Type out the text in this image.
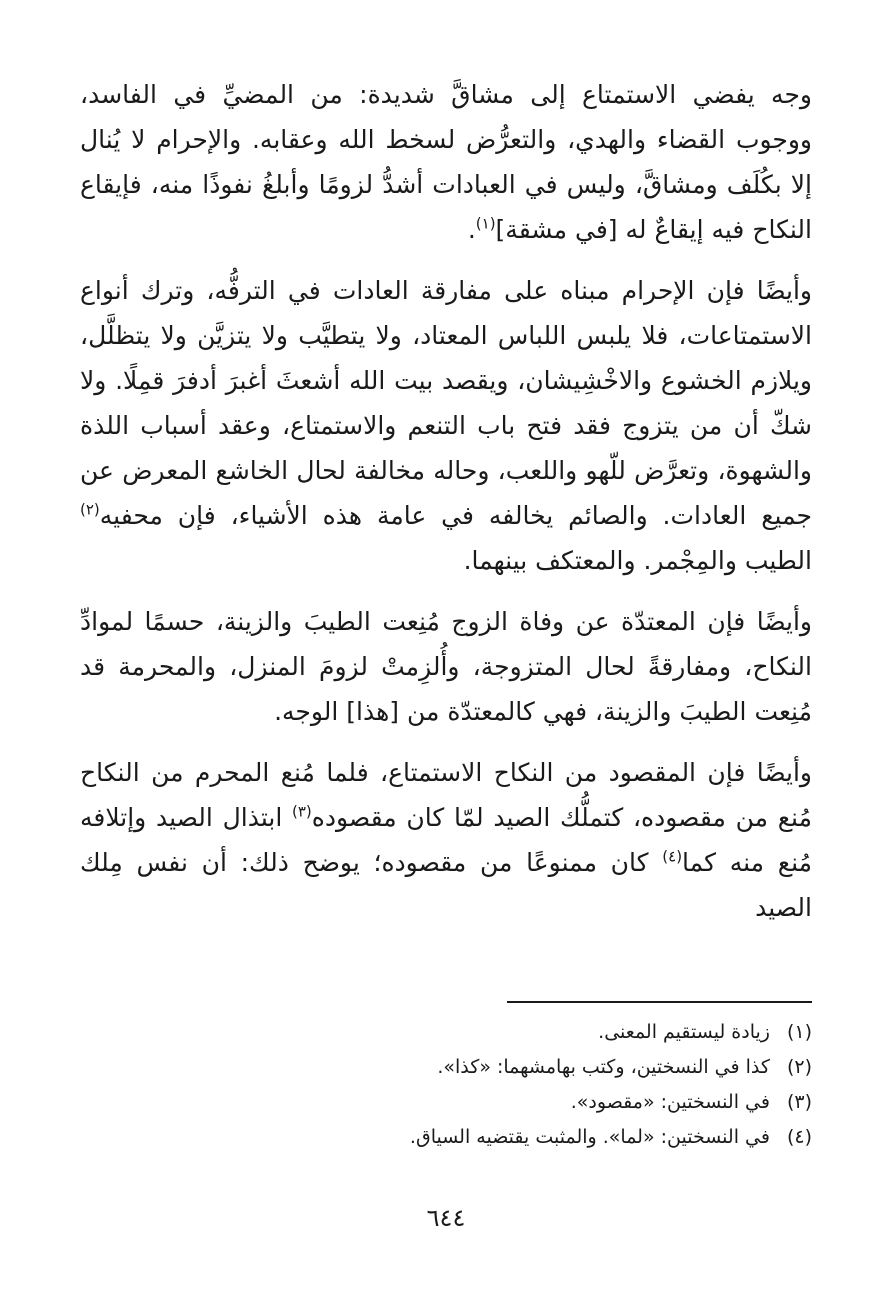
وجه يفضي الاستمتاع إلى مشاقَّ شديدة: من المضيِّ في الفاسد، ووجوب القضاء والهدي، والتعرُّض لسخط الله وعقابه. والإحرام لا يُنال إلا بكُلَف ومشاقَّ، وليس في العبادات أشدُّ لزومًا وأبلغُ نفوذًا منه، فإيقاع النكاح فيه إيقاعٌ له [في مشقة]$^{(١)}$.

وأيضًا فإن الإحرام مبناه على مفارقة العادات في الترفُّه، وترك أنواع الاستمتاعات، فلا يلبس اللباس المعتاد، ولا يتطيَّب ولا يتزيَّن ولا يتظلَّل، ويلازم الخشوع والاخْشِيشان، ويقصد بيت الله أشعثَ أغبرَ أدفرَ قمِلًا. ولا شكّ أن من يتزوج فقد فتح باب التنعم والاستمتاع، وعقد أسباب اللذة والشهوة، وتعرَّض للّهو واللعب، وحاله مخالفة لحال الخاشع المعرض عن جميع العادات. والصائم يخالفه في عامة هذه الأشياء، فإن محفيه$^{(٢)}$ الطيب والمِجْمر. والمعتكف بينهما.

وأيضًا فإن المعتدّة عن وفاة الزوج مُنِعت الطيبَ والزينة، حسمًا لموادِّ النكاح، ومفارقةً لحال المتزوجة، وأُلزِمتْ لزومَ المنزل، والمحرمة قد مُنِعت الطيبَ والزينة، فهي كالمعتدّة من [هذا] الوجه.

وأيضًا فإن المقصود من النكاح الاستمتاع، فلما مُنع المحرم من النكاح مُنع من مقصوده، كتملُّك الصيد لمّا كان مقصوده$^{(٣)}$ ابتذال الصيد وإتلافه مُنع منه كما$^{(٤)}$ كان ممنوعًا من مقصوده؛ يوضح ذلك: أن نفس مِلك الصيد

(١) زيادة ليستقيم المعنى.
(٢) كذا في النسختين، وكتب بهامشهما: «كذا».
(٣) في النسختين: «مقصود».
(٤) في النسختين: «لما». والمثبت يقتضيه السياق.
٦٤٤
